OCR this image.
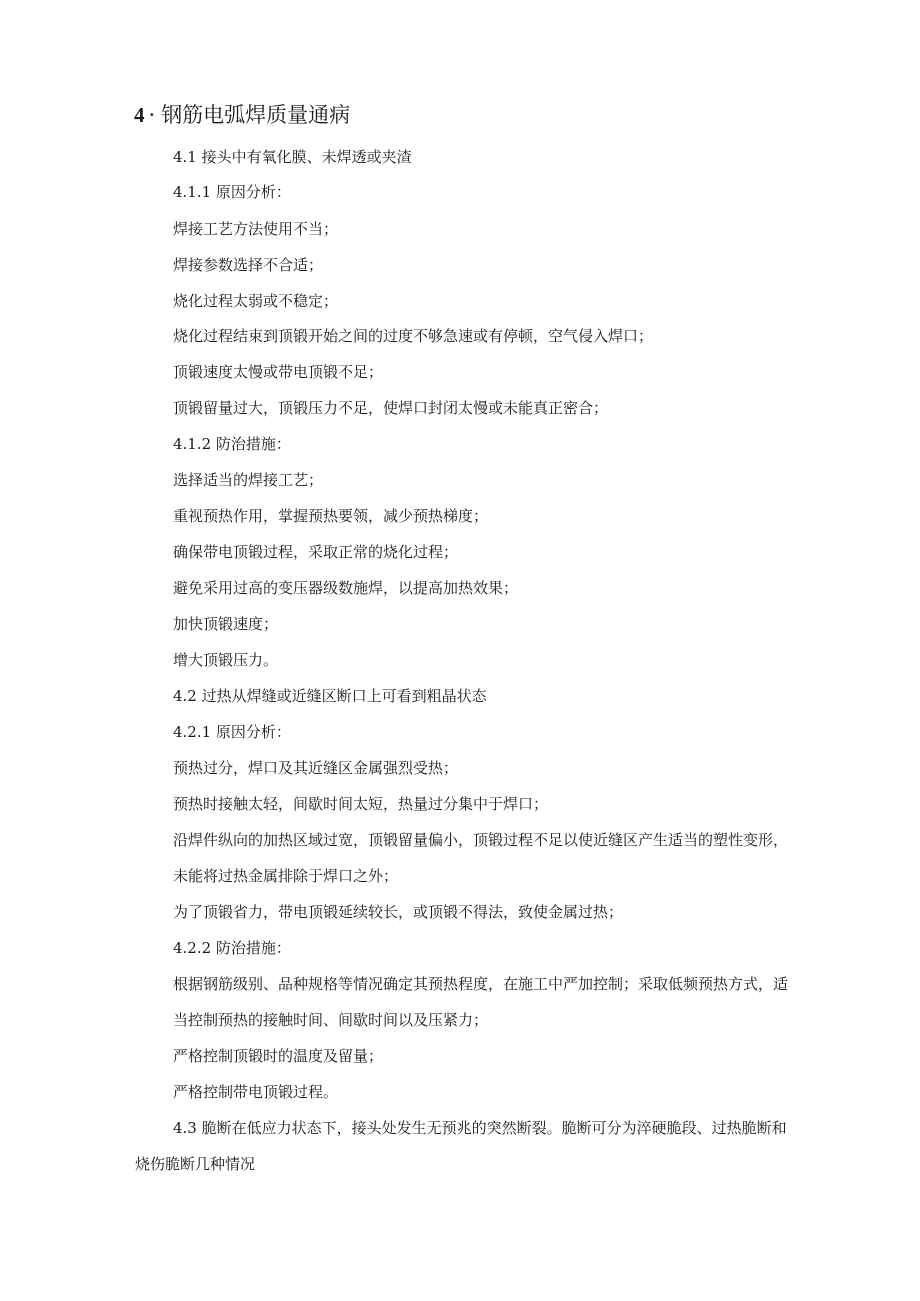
4 · 钢筋电弧焊质量通病
4.1 接头中有氧化膜、未焊透或夹渣
4.1.1 原因分析：
焊接工艺方法使用不当；
焊接参数选择不合适；
烧化过程太弱或不稳定；
烧化过程结束到顶锻开始之间的过度不够急速或有停顿，空气侵入焊口；
顶锻速度太慢或带电顶锻不足；
顶锻留量过大，顶锻压力不足，使焊口封闭太慢或未能真正密合；
4.1.2 防治措施：
选择适当的焊接工艺；
重视预热作用，掌握预热要领，减少预热梯度；
确保带电顶锻过程，采取正常的烧化过程；
避免采用过高的变压器级数施焊，以提高加热效果；
加快顶锻速度；
增大顶锻压力。
4.2 过热从焊缝或近缝区断口上可看到粗晶状态
4.2.1 原因分析：
预热过分，焊口及其近缝区金属强烈受热；
预热时接触太轻，间歇时间太短，热量过分集中于焊口；
沿焊件纵向的加热区域过宽，顶锻留量偏小，顶锻过程不足以使近缝区产生适当的塑性变形，未能将过热金属排除于焊口之外；
为了顶锻省力，带电顶锻延续较长，或顶锻不得法，致使金属过热；
4.2.2 防治措施：
根据钢筋级别、品种规格等情况确定其预热程度，在施工中严加控制；采取低频预热方式，适当控制预热的接触时间、间歇时间以及压紧力；
严格控制顶锻时的温度及留量；
严格控制带电顶锻过程。
4.3 脆断在低应力状态下，接头处发生无预兆的突然断裂。脆断可分为淬硬脆段、过热脆断和烧伤脆断几种情况
